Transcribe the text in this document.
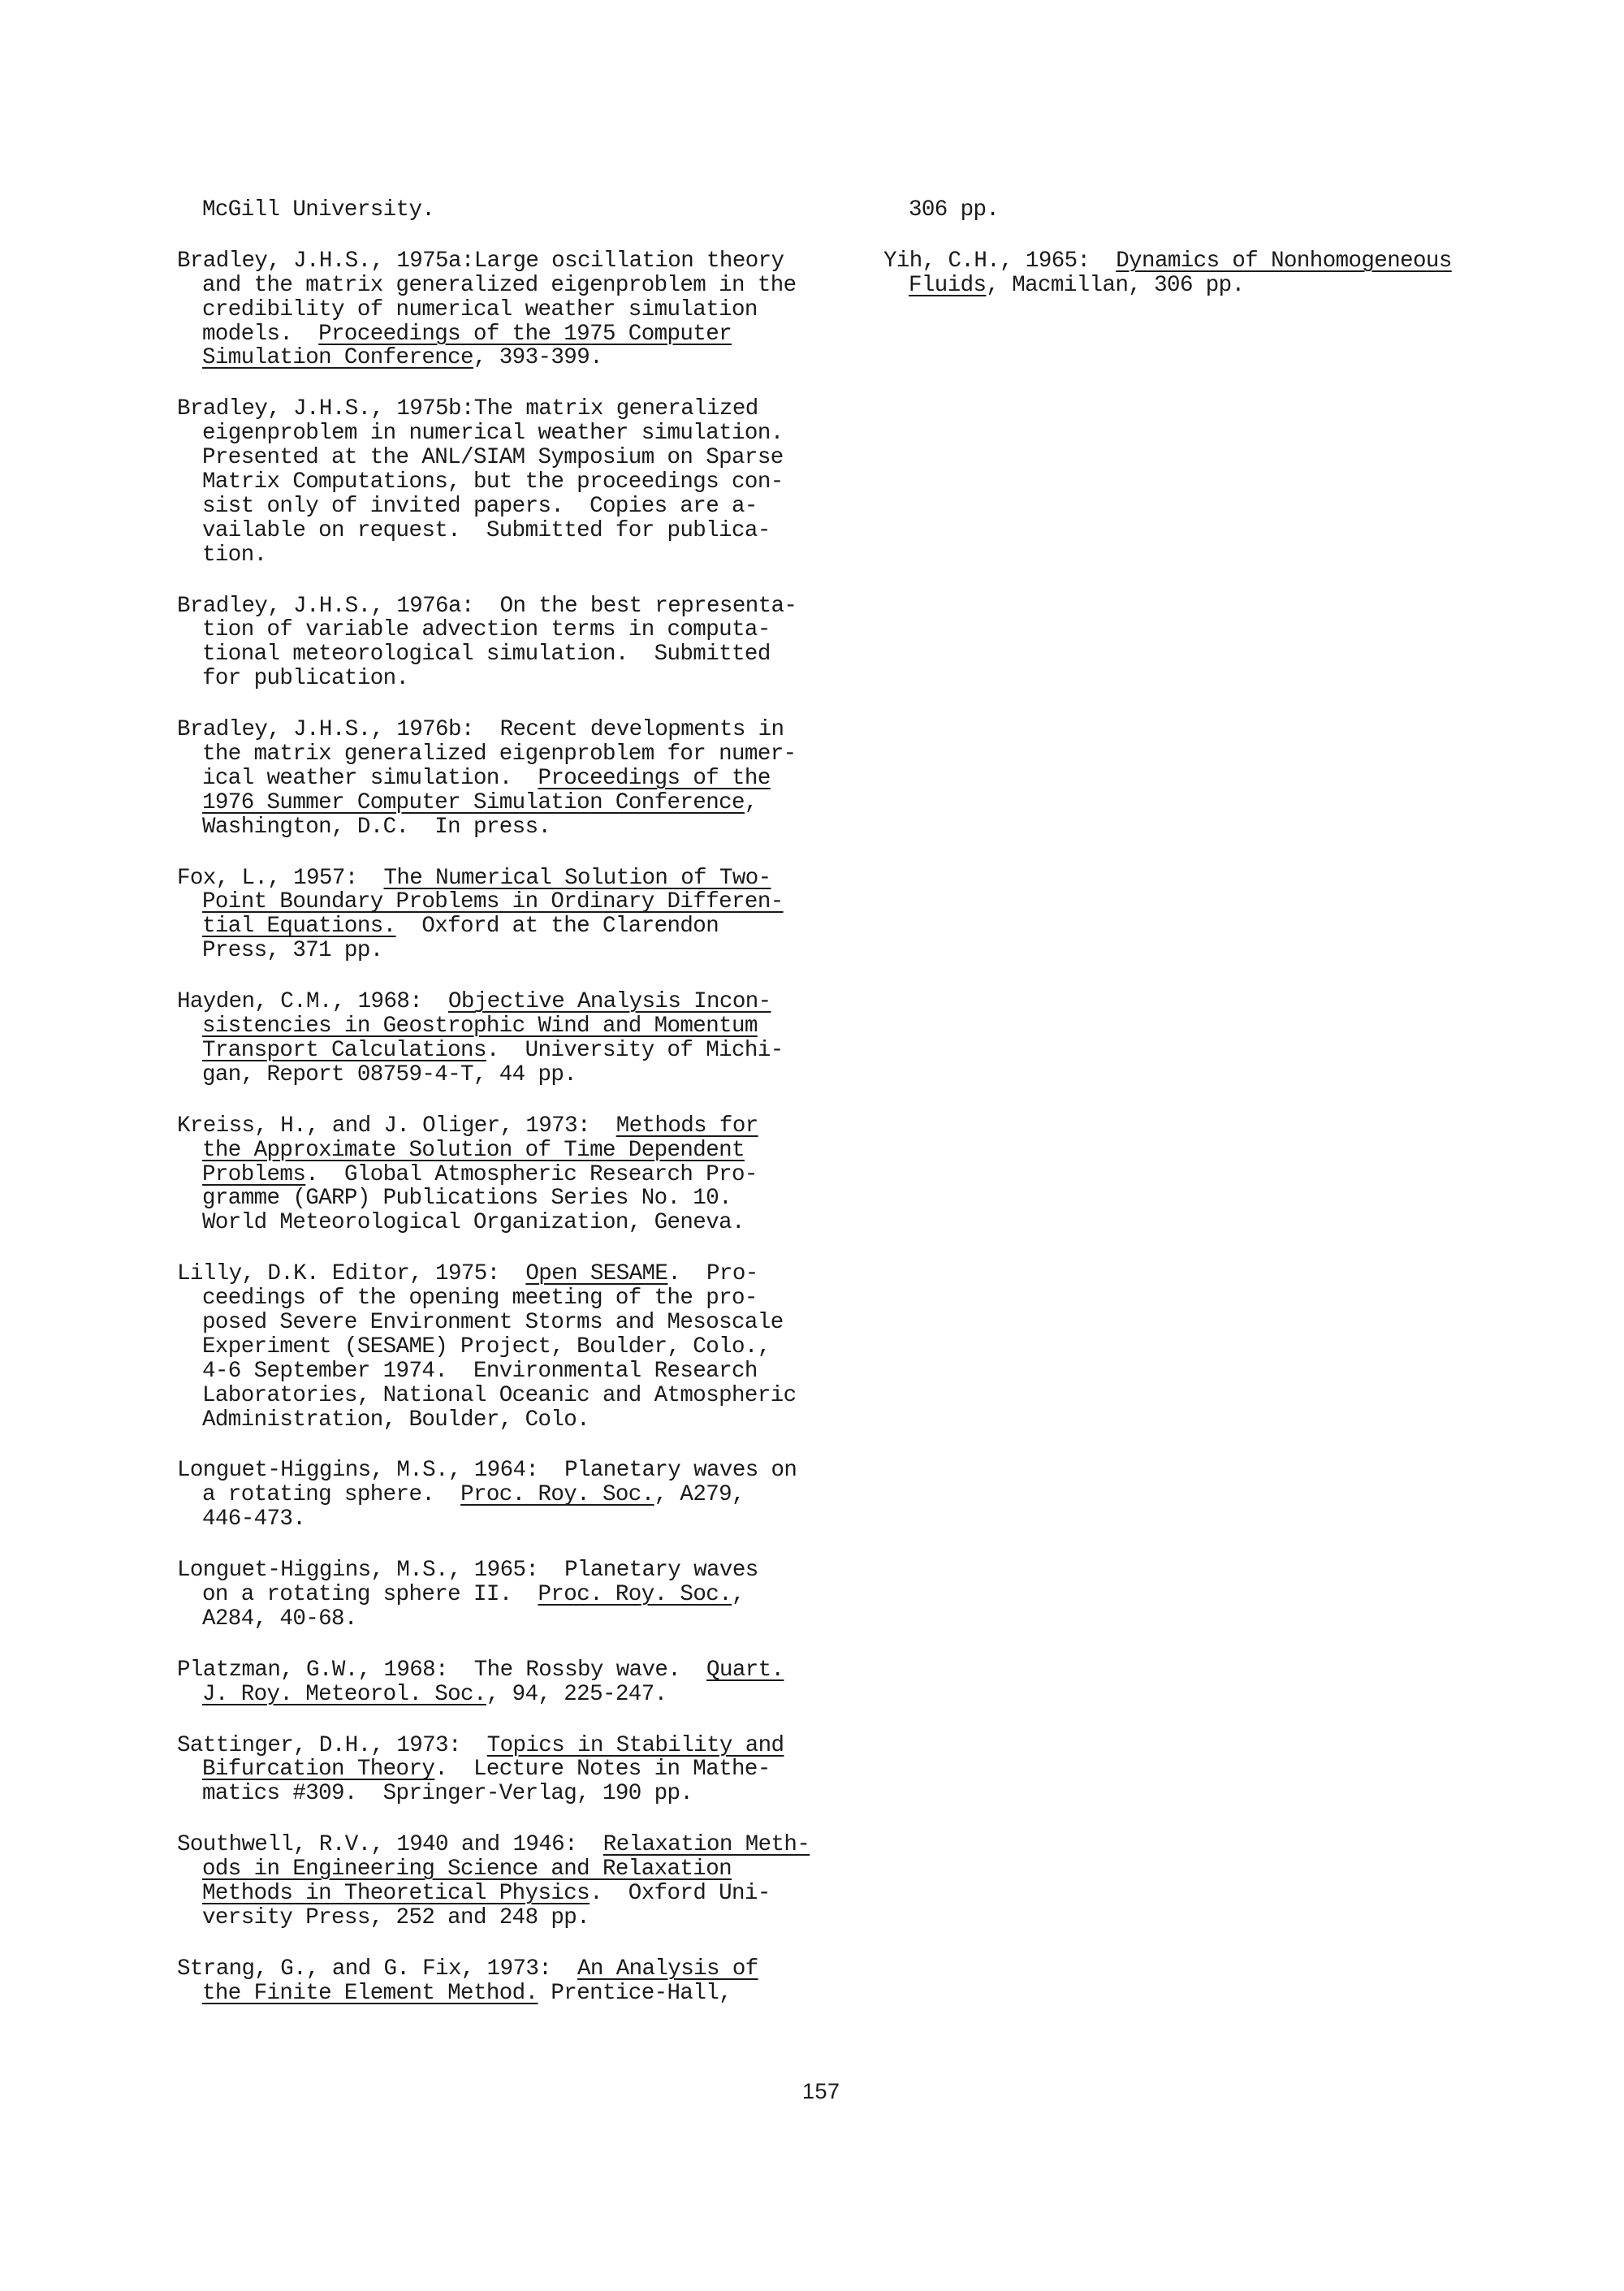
McGill University.
Bradley, J.H.S., 1975a:Large oscillation theory
and the matrix generalized eigenproblem in the
credibility of numerical weather simulation
models.  Proceedings of the 1975 Computer
Simulation Conference, 393-399.
Bradley, J.H.S., 1975b:The matrix generalized
eigenproblem in numerical weather simulation.
Presented at the ANL/SIAM Symposium on Sparse
Matrix Computations, but the proceedings con-
sist only of invited papers.  Copies are a-
vailable on request.  Submitted for publica-
tion.
Bradley, J.H.S., 1976a:  On the best representa-
tion of variable advection terms in computa-
tional meteorological simulation.  Submitted
for publication.
Bradley, J.H.S., 1976b:  Recent developments in
the matrix generalized eigenproblem for numer-
ical weather simulation.  Proceedings of the
1976 Summer Computer Simulation Conference,
Washington, D.C.  In press.
Fox, L., 1957:  The Numerical Solution of Two-
Point Boundary Problems in Ordinary Differen-
tial Equations.  Oxford at the Clarendon
Press, 371 pp.
Hayden, C.M., 1968:  Objective Analysis Incon-
sistencies in Geostrophic Wind and Momentum
Transport Calculations.  University of Michi-
gan, Report 08759-4-T, 44 pp.
Kreiss, H., and J. Oliger, 1973:  Methods for
the Approximate Solution of Time Dependent
Problems.  Global Atmospheric Research Pro-
gramme (GARP) Publications Series No. 10.
World Meteorological Organization, Geneva.
Lilly, D.K. Editor, 1975:  Open SESAME.  Pro-
ceedings of the opening meeting of the pro-
posed Severe Environment Storms and Mesoscale
Experiment (SESAME) Project, Boulder, Colo.,
4-6 September 1974.  Environmental Research
Laboratories, National Oceanic and Atmospheric
Administration, Boulder, Colo.
Longuet-Higgins, M.S., 1964:  Planetary waves on
a rotating sphere.  Proc. Roy. Soc., A279,
446-473.
Longuet-Higgins, M.S., 1965:  Planetary waves
on a rotating sphere II.  Proc. Roy. Soc.,
A284, 40-68.
Platzman, G.W., 1968:  The Rossby wave.  Quart.
J. Roy. Meteorol. Soc., 94, 225-247.
Sattinger, D.H., 1973:  Topics in Stability and
Bifurcation Theory.  Lecture Notes in Mathe-
matics #309.  Springer-Verlag, 190 pp.
Southwell, R.V., 1940 and 1946:  Relaxation Meth-
ods in Engineering Science and Relaxation
Methods in Theoretical Physics.  Oxford Uni-
versity Press, 252 and 248 pp.
Strang, G., and G. Fix, 1973:  An Analysis of
the Finite Element Method. Prentice-Hall,
306 pp.
Yih, C.H., 1965:  Dynamics of Nonhomogeneous
Fluids, Macmillan, 306 pp.
157
